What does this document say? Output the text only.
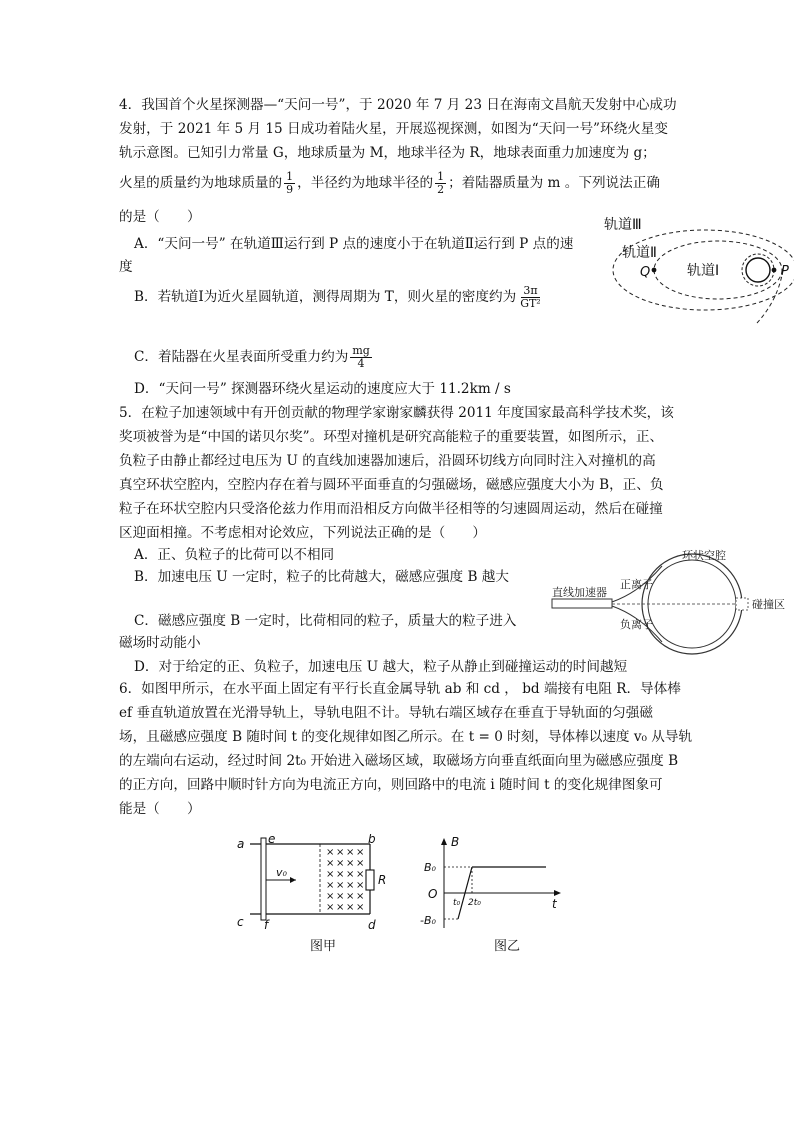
4．我国首个火星探测器—“天问一号”，于 2020 年 7 月 23 日在海南文昌航天发射中心成功
发射，于 2021 年 5 月 15 日成功着陆火星，开展巡视探测，如图为“天问一号”环绕火星变
轨示意图。已知引力常量 G，地球质量为 M，地球半径为 R，地球表面重力加速度为 g；
火星的质量约为地球质量的 $\frac{1}{9}$ ，半径约为地球半径的 $\frac{1}{2}$ ；着陆器质量为 m 。下列说法正确
的是（　　）
A．“天问一号” 在轨道Ⅲ运行到 P 点的速度小于在轨道Ⅱ运行到 P 点的速
度
B．若轨道Ⅰ为近火星圆轨道，测得周期为 T，则火星的密度约为 $\frac{3\pi}{\text{GT²}}$
C．着陆器在火星表面所受重力约为 $\frac{mg}{4}$
D．“天问一号” 探测器环绕火星运动的速度应大于 11.2km / s
轨道Ⅲ
轨道Ⅱ
轨道Ⅰ
Q	P
5．在粒子加速领域中有开创贡献的物理学家谢家麟获得 2011 年度国家最高科学技术奖，该
奖项被誉为是“中国的诺贝尔奖”。环型对撞机是研究高能粒子的重要装置，如图所示，正、
负粒子由静止都经过电压为 U 的直线加速器加速后，沿圆环切线方向同时注入对撞机的高
真空环状空腔内，空腔内存在着与圆环平面垂直的匀强磁场，磁感应强度大小为 B，正、负
粒子在环状空腔内只受洛伦兹力作用而沿相反方向做半径相等的匀速圆周运动，然后在碰撞
区迎面相撞。不考虑相对论效应，下列说法正确的是（　　）
A．正、负粒子的比荷可以不相同
B．加速电压 U 一定时，粒子的比荷越大，磁感应强度 B 越大
C．磁感应强度 B 一定时，比荷相同的粒子，质量大的粒子进入
磁场时动能小
D．对于给定的正、负粒子，加速电压 U 越大，粒子从静止到碰撞运动的时间越短
环状空腔
直线加速器
正离子
负离子
碰撞区
6．如图甲所示，在水平面上固定有平行长直金属导轨 ab 和 cd ， bd 端接有电阻 R．导体棒
ef 垂直轨道放置在光滑导轨上，导轨电阻不计。导轨右端区域存在垂直于导轨面的匀强磁
场，且磁感应强度 B 随时间 t 的变化规律如图乙所示。在 t = 0 时刻，导体棒以速度 v₀ 从导轨
的左端向右运动，经过时间 2t₀ 开始进入磁场区域，取磁场方向垂直纸面向里为磁感应强度 B
的正方向，回路中顺时针方向为电流正方向，则回路中的电流 i 随时间 t 的变化规律图象可
能是（　　）
× × × ×
× × × ×
× × × ×
× × × ×
× × × ×
× × × ×
a e	b
c f	d
R
v₀
图甲
B
B₀
O
-B₀
t₀ 2t₀	t
图乙
